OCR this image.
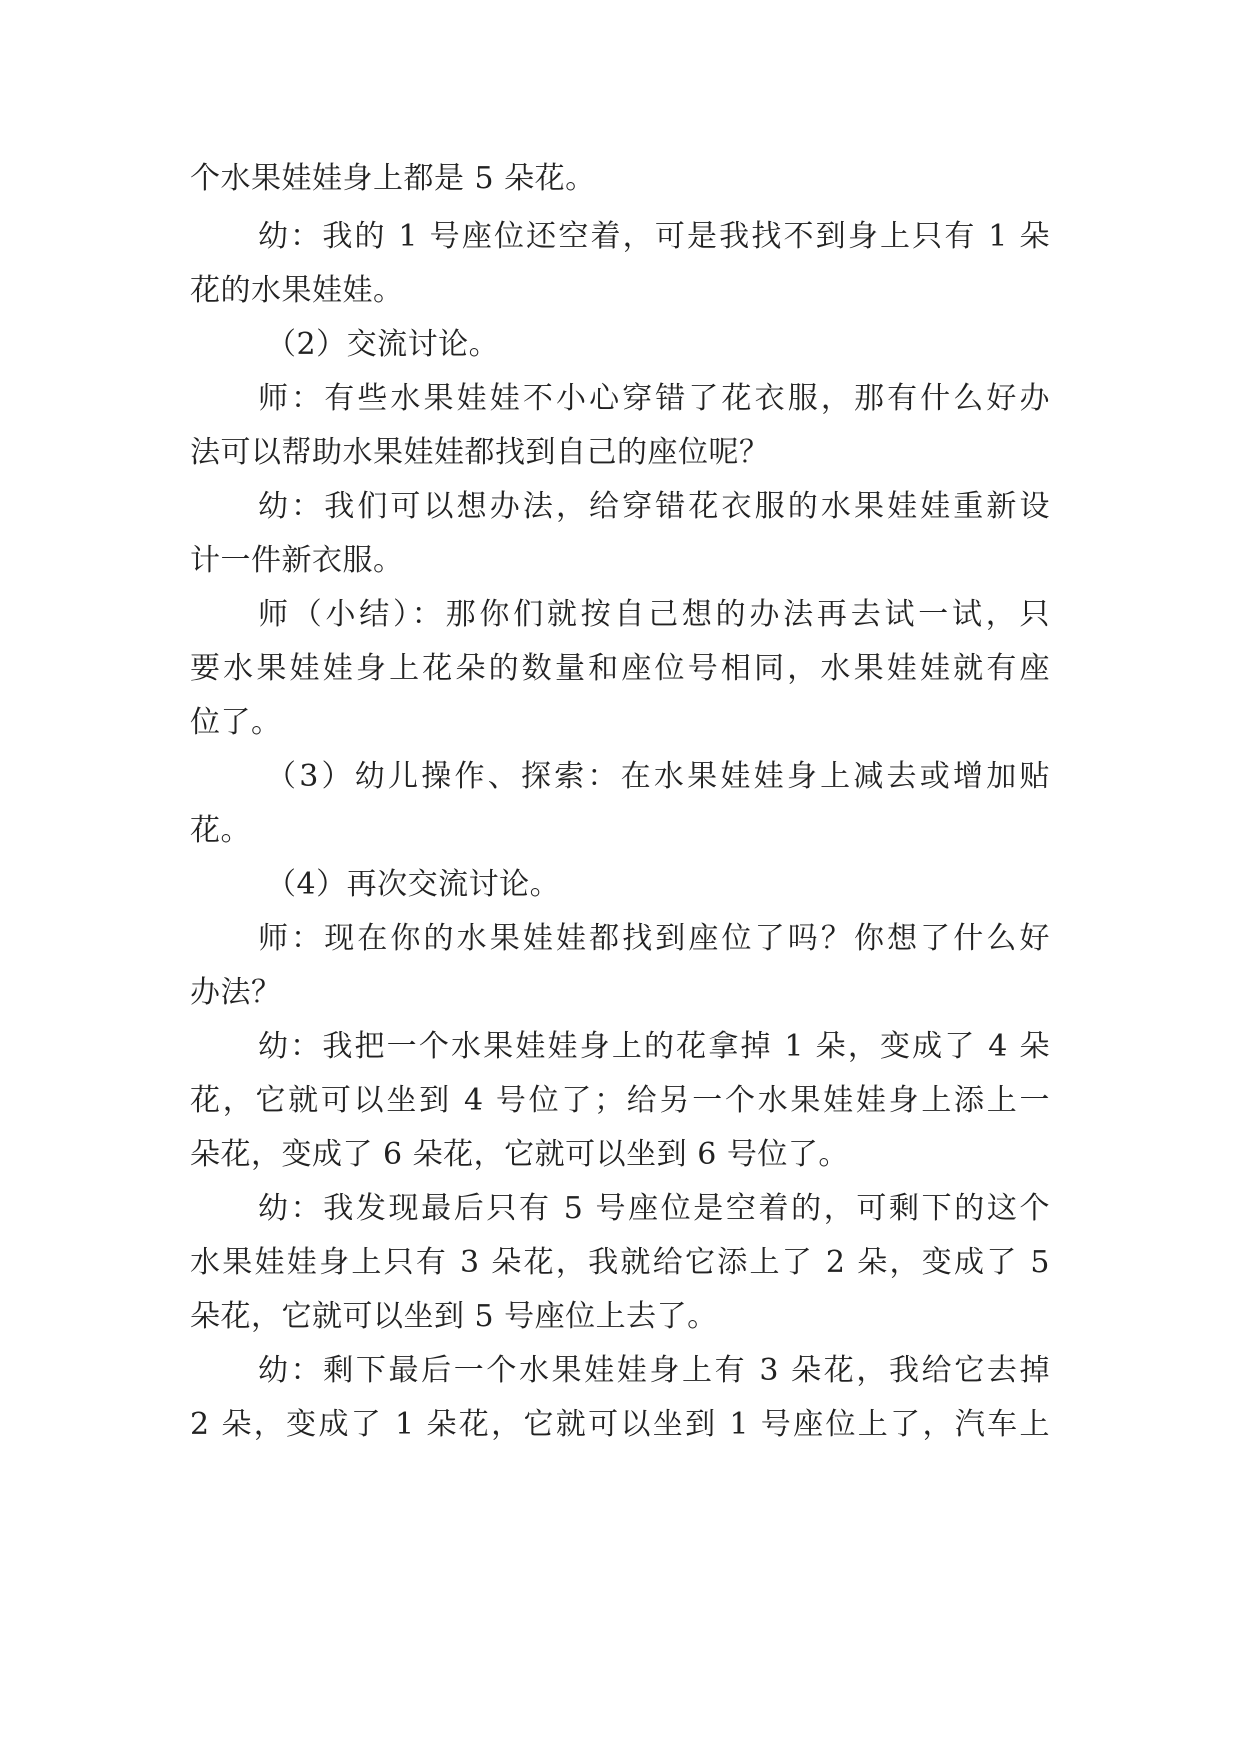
个水果娃娃身上都是 5 朵花。
幼：我的 1 号座位还空着，可是我找不到身上只有 1 朵
花的水果娃娃。
（2）交流讨论。
师：有些水果娃娃不小心穿错了花衣服，那有什么好办
法可以帮助水果娃娃都找到自己的座位呢？
幼：我们可以想办法，给穿错花衣服的水果娃娃重新设
计一件新衣服。
师（小结）：那你们就按自己想的办法再去试一试，只
要水果娃娃身上花朵的数量和座位号相同，水果娃娃就有座
位了。
（3）幼儿操作、探索：在水果娃娃身上减去或增加贴
花。
（4）再次交流讨论。
师：现在你的水果娃娃都找到座位了吗？你想了什么好
办法？
幼：我把一个水果娃娃身上的花拿掉 1 朵，变成了 4 朵
花，它就可以坐到 4 号位了；给另一个水果娃娃身上添上一
朵花，变成了 6 朵花，它就可以坐到 6 号位了。
幼：我发现最后只有 5 号座位是空着的，可剩下的这个
水果娃娃身上只有 3 朵花，我就给它添上了 2 朵，变成了 5
朵花，它就可以坐到 5 号座位上去了。
幼：剩下最后一个水果娃娃身上有 3 朵花，我给它去掉
2 朵，变成了 1 朵花，它就可以坐到 1 号座位上了，汽车上
